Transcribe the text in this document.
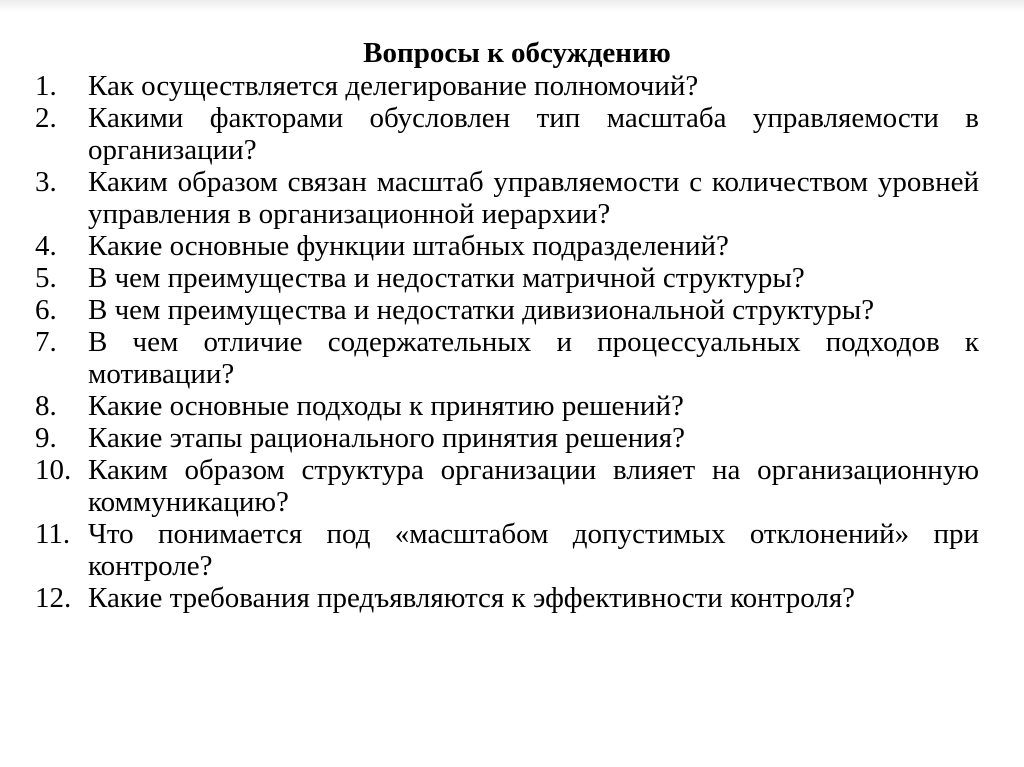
Вопросы к обсуждению
1.	Как осуществляется делегирование полномочий?
2.	Какими факторами обусловлен тип масштаба управляемости в организации?
3.	Каким образом связан масштаб управляемости с количеством уровней управления в организационной иерархии?
4.	Какие основные функции штабных подразделений?
5.	В чем преимущества и недостатки матричной структуры?
6.	В чем преимущества и недостатки дивизиональной структуры?
7.	В чем отличие содержательных и процессуальных подходов к мотивации?
8.	Какие основные подходы к принятию решений?
9.	Какие этапы рационального принятия решения?
10. Каким образом структура организации влияет на организационную коммуникацию?
11. Что понимается под «масштабом допустимых отклонений» при контроле?
12. Какие требования предъявляются к эффективности контроля?
